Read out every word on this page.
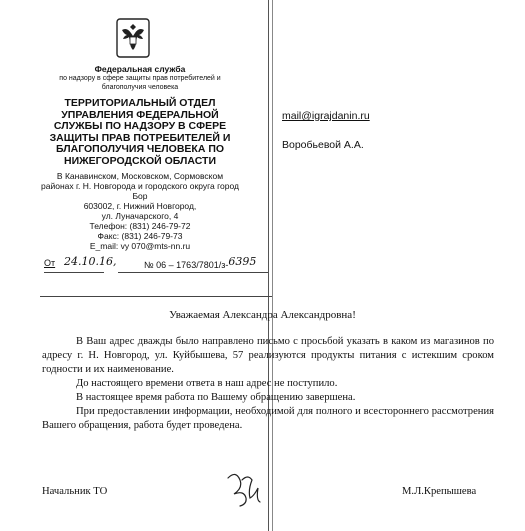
Федеральная служба
по надзору в сфере защиты прав потребителей и благополучия человека
ТЕРРИТОРИАЛЬНЫЙ ОТДЕЛ УПРАВЛЕНИЯ ФЕДЕРАЛЬНОЙ СЛУЖБЫ ПО НАДЗОРУ В СФЕРЕ ЗАЩИТЫ ПРАВ ПОТРЕБИТЕЛЕЙ И БЛАГОПОЛУЧИЯ ЧЕЛОВЕКА ПО НИЖЕГОРОДСКОЙ ОБЛАСТИ
В Канавинском, Московском, Сормовском районах г. Н. Новгорода и городского округа город Бор
603002, г. Нижний Новгород,
ул. Луначарского, 4
Телефон: (831) 246-79-72
Факс: (831) 246-79-73
E_mail: vy 070@mts-nn.ru
От 24.10.16,	№ 06 – 1763/7801/з-6395
mail@igrajdanin.ru
Воробьевой А.А.
Уважаемая Александра Александровна!
В Ваш адрес дважды было направлено письмо с просьбой указать в каком из магазинов по адресу г. Н. Новгород, ул. Куйбышева, 57 реализуются продукты питания с истекшим сроком годности и их наименование.
До настоящего времени ответа в наш адрес не поступило.
В настоящее время работа по Вашему обращению завершена.
При предоставлении информации, необходимой для полного и всестороннего рассмотрения Вашего обращения, работа будет проведена.
Начальник ТО	М.Л.Крепышева
